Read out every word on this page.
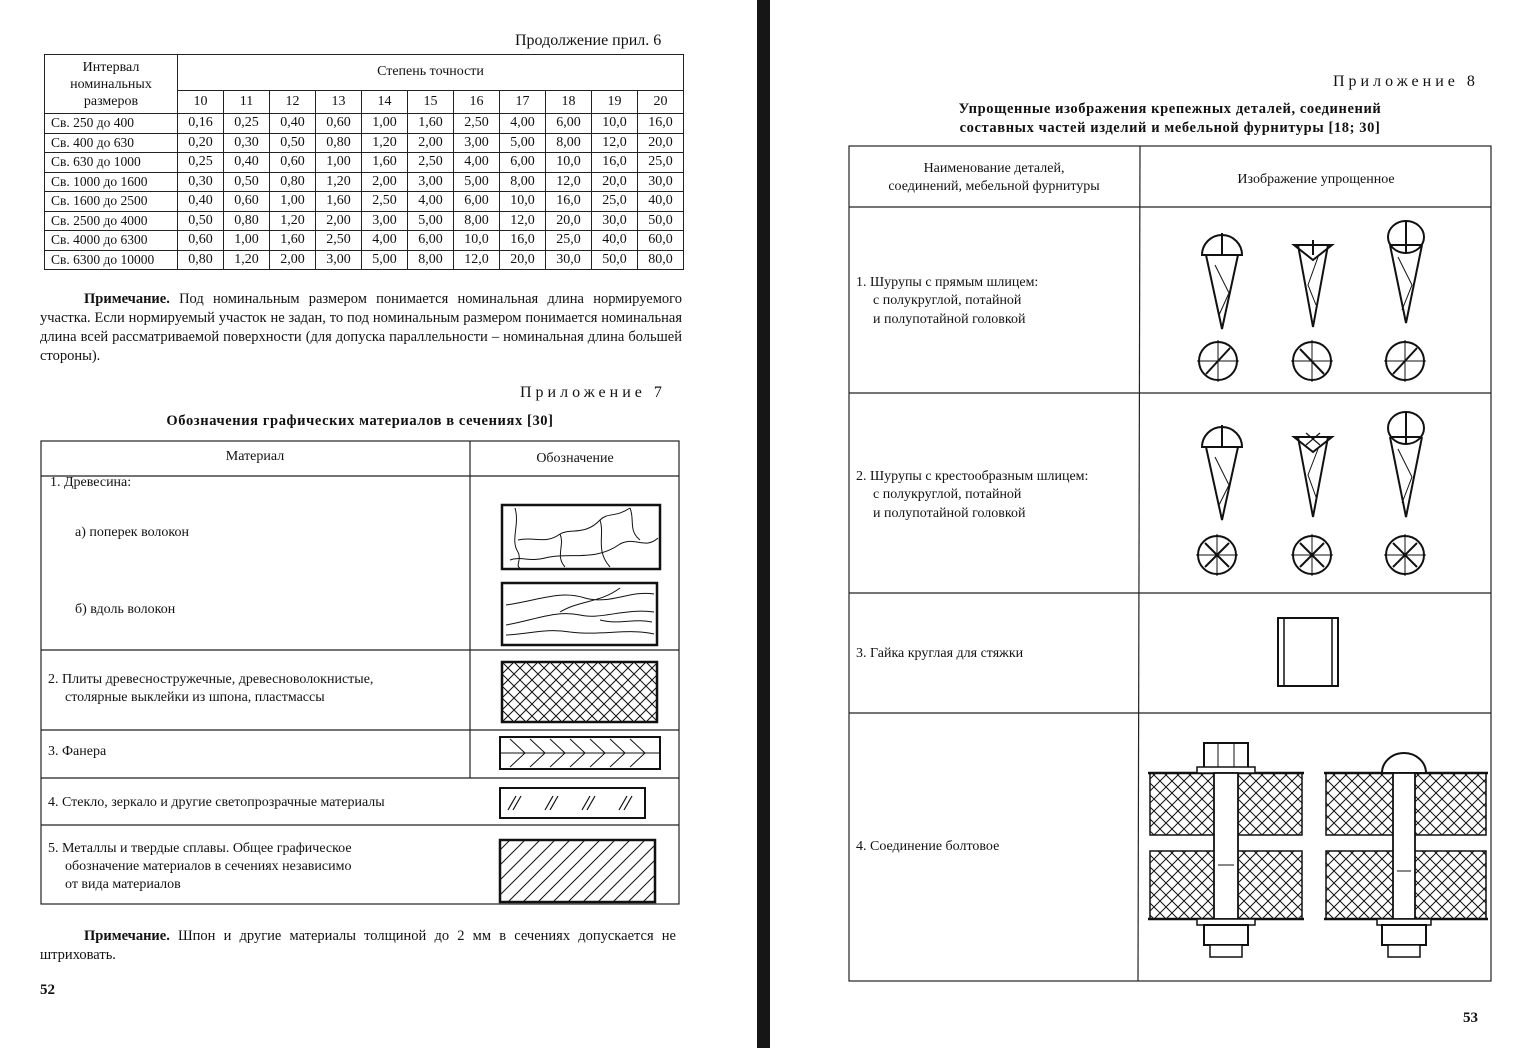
Продолжение прил. 6
Интервал номинальных размеров	Степень точности										
	10	11	12	13	14	15	16	17	18	19	20
Св. 250 до 400	0,16	0,25	0,40	0,60	1,00	1,60	2,50	4,00	6,00	10,0	16,0
Св. 400 до 630	0,20	0,30	0,50	0,80	1,20	2,00	3,00	5,00	8,00	12,0	20,0
Св. 630 до 1000	0,25	0,40	0,60	1,00	1,60	2,50	4,00	6,00	10,0	16,0	25,0
Св. 1000 до 1600	0,30	0,50	0,80	1,20	2,00	3,00	5,00	8,00	12,0	20,0	30,0
Св. 1600 до 2500	0,40	0,60	1,00	1,60	2,50	4,00	6,00	10,0	16,0	25,0	40,0
Св. 2500 до 4000	0,50	0,80	1,20	2,00	3,00	5,00	8,00	12,0	20,0	30,0	50,0
Св. 4000 до 6300	0,60	1,00	1,60	2,50	4,00	6,00	10,0	16,0	25,0	40,0	60,0
Св. 6300 до 10000	0,80	1,20	2,00	3,00	5,00	8,00	12,0	20,0	30,0	50,0	80,0

Примечание. Под номинальным размером понимается номинальная длина нормируемого участка. Если нормируемый участок не задан, то под номинальным размером понимается номинальная длина всей рассматриваемой поверхности (для допуска параллельности – номинальная длина большей стороны).

Приложение 7
Обозначения графических материалов в сечениях [30]
Материал	Обозначение
1. Древесина:
а) поперек волокон
б) вдоль волокон
2. Плиты древесностружечные, древесноволокнистые,
столярные выклейки из шпона, пластмассы
3. Фанера
4. Стекло, зеркало и другие светопрозрачные материалы
5. Металлы и твердые сплавы. Общее графическое
обозначение материалов в сечениях независимо
от вида материалов

Примечание. Шпон и другие материалы толщиной до 2 мм в сечениях допускается не штриховать.

52
Приложение 8
Упрощенные изображения крепежных деталей, соединений
составных частей изделий и мебельной фурнитуры [18; 30]
Наименование деталей,
соединений, мебельной фурнитуры	Изображение упрощенное
1. Шурупы с прямым шлицем:
с полукруглой, потайной
и полупотайной головкой
2. Шурупы с крестообразным шлицем:
с полукруглой, потайной
и полупотайной головкой
3. Гайка круглая для стяжки
4. Соединение болтовое
53
